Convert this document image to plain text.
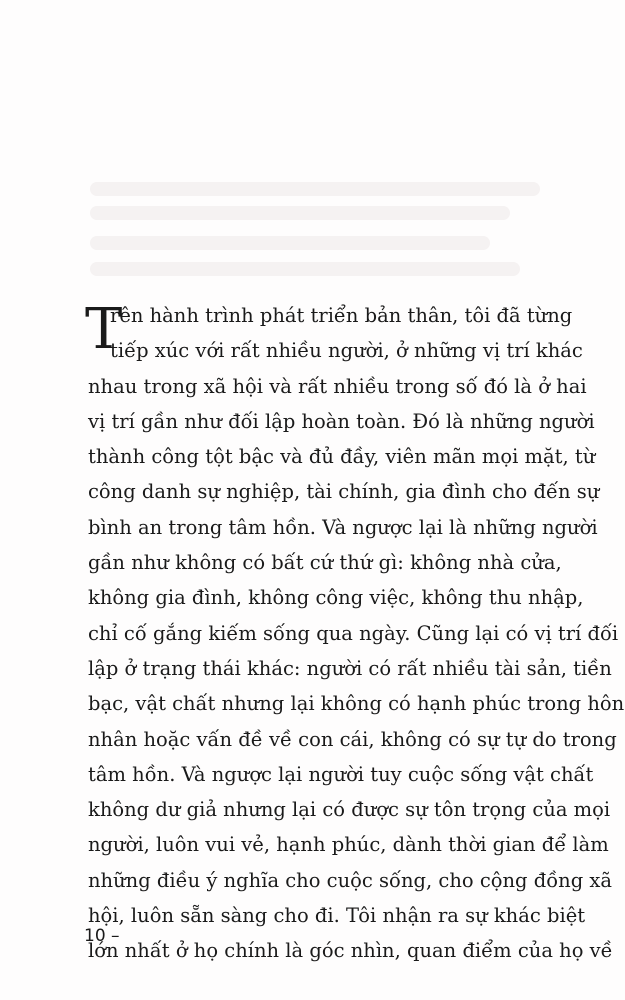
T
rên hành trình phát triển bản thân, tôi đã từng
tiếp xúc với rất nhiều người, ở những vị trí khác
nhau trong xã hội và rất nhiều trong số đó là ở hai
vị trí gần như đối lập hoàn toàn. Đó là những người
thành công tột bậc và đủ đầy, viên mãn mọi mặt, từ
công danh sự nghiệp, tài chính, gia đình cho đến sự
bình an trong tâm hồn. Và ngược lại là những người
gần như không có bất cứ thứ gì: không nhà cửa,
không gia đình, không công việc, không thu nhập,
chỉ cố gắng kiếm sống qua ngày. Cũng lại có vị trí đối
lập ở trạng thái khác: người có rất nhiều tài sản, tiền
bạc, vật chất nhưng lại không có hạnh phúc trong hôn
nhân hoặc vấn đề về con cái, không có sự tự do trong
tâm hồn. Và ngược lại người tuy cuộc sống vật chất
không dư giả nhưng lại có được sự tôn trọng của mọi
người, luôn vui vẻ, hạnh phúc, dành thời gian để làm
những điều ý nghĩa cho cuộc sống, cho cộng đồng xã
hội, luôn sẵn sàng cho đi. Tôi nhận ra sự khác biệt
lớn nhất ở họ chính là góc nhìn, quan điểm của họ về
10 –
